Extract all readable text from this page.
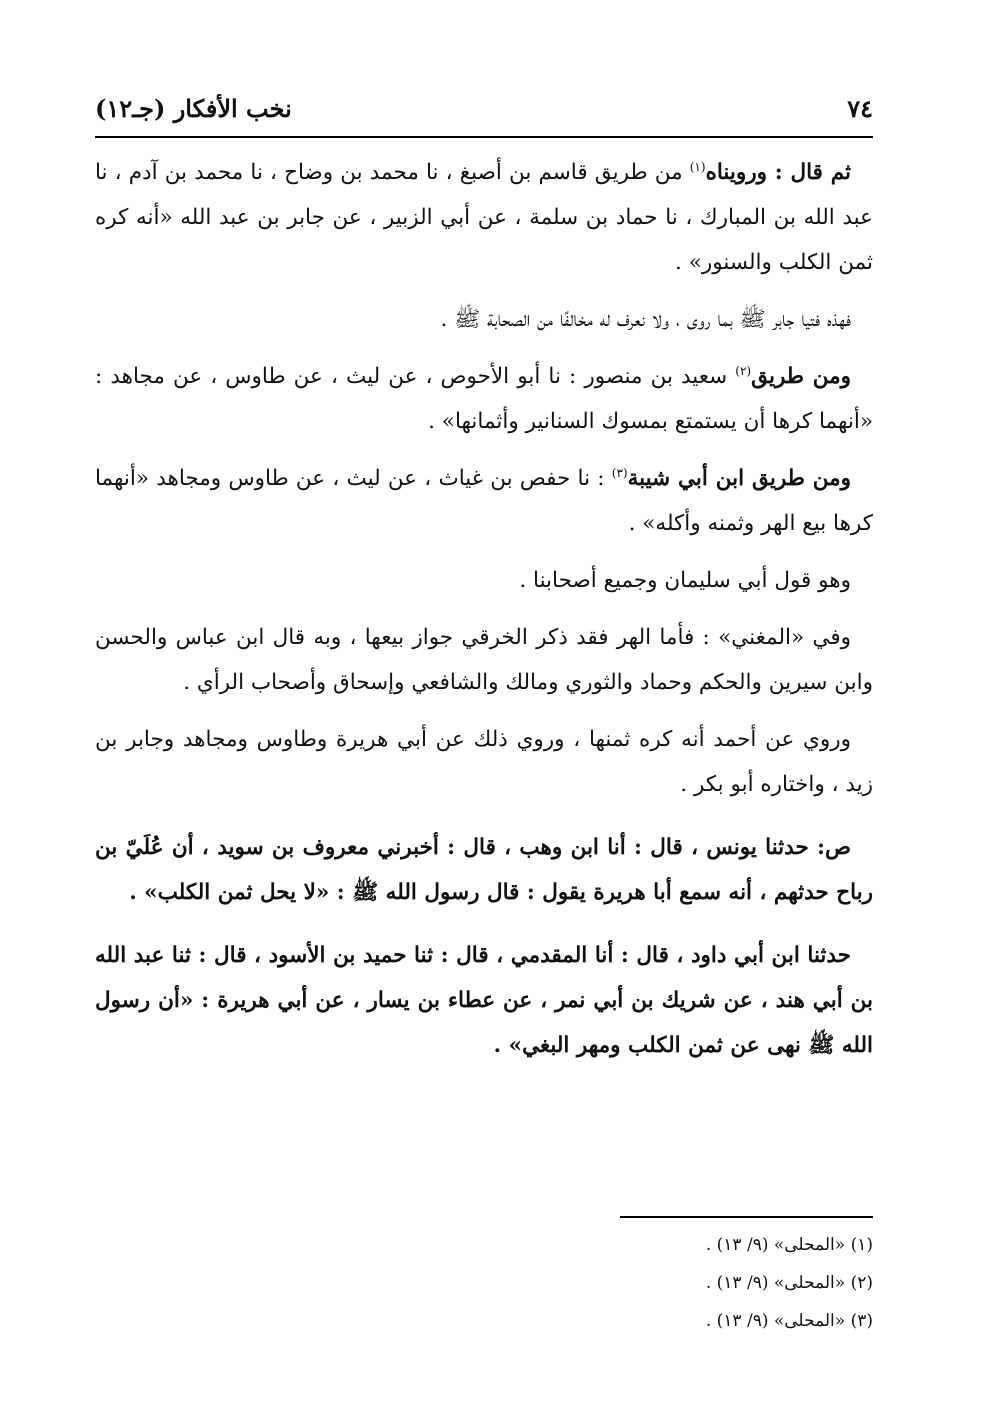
٧٤
نخب الأفكار (جـ١٢)

ثم قال : ورويناه$^{(١)}$ من طريق قاسم بن أصبغ ، نا محمد بن وضاح ، نا محمد بن آدم ، نا عبد الله بن المبارك ، نا حماد بن سلمة ، عن أبي الزبير ، عن جابر بن عبد الله «أنه كره ثمن الكلب والسنور» .

فهذه فتيا جابر ﷺ بما روى ، ولا نعرف له مخالفًا من الصحابة ﷺ .

ومن طريق$^{(٢)}$ سعيد بن منصور : نا أبو الأحوص ، عن ليث ، عن طاوس ، عن مجاهد : «أنهما كرها أن يستمتع بمسوك السنانير وأثمانها» .

ومن طريق ابن أبي شيبة$^{(٣)}$ : نا حفص بن غياث ، عن ليث ، عن طاوس ومجاهد «أنهما كرها بيع الهر وثمنه وأكله» .

وهو قول أبي سليمان وجميع أصحابنا .

وفي «المغني» : فأما الهر فقد ذكر الخرقي جواز بيعها ، وبه قال ابن عباس والحسن وابن سيرين والحكم وحماد والثوري ومالك والشافعي وإسحاق وأصحاب الرأي .

وروي عن أحمد أنه كره ثمنها ، وروي ذلك عن أبي هريرة وطاوس ومجاهد وجابر بن زيد ، واختاره أبو بكر .

ص: حدثنا يونس ، قال : أنا ابن وهب ، قال : أخبرني معروف بن سويد ، أن عُلَيّ بن رباح حدثهم ، أنه سمع أبا هريرة يقول : قال رسول الله ﷺ : «لا يحل ثمن الكلب» .

حدثنا ابن أبي داود ، قال : أنا المقدمي ، قال : ثنا حميد بن الأسود ، قال : ثنا عبد الله بن أبي هند ، عن شريك بن أبي نمر ، عن عطاء بن يسار ، عن أبي هريرة : «أن رسول الله ﷺ نهى عن ثمن الكلب ومهر البغي» .

(١) «المحلى» (٩/ ١٣) .

(٢) «المحلى» (٩/ ١٣) .

(٣) «المحلى» (٩/ ١٣) .
